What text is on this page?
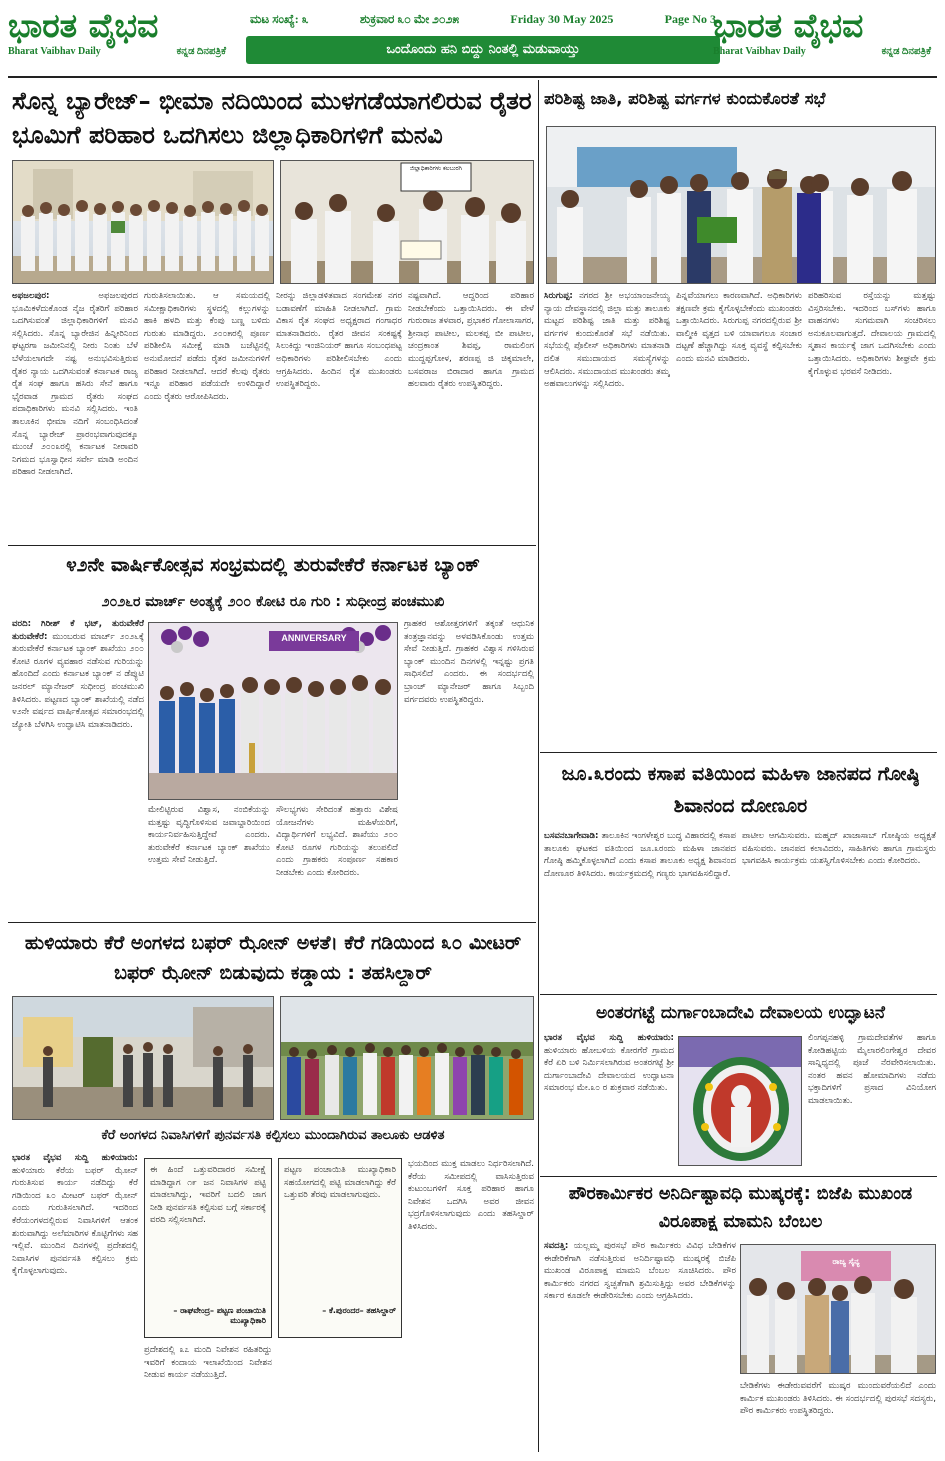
ಭಾರತ ವೈಭವ
Bharat Vaibhav Daily	ಕನ್ನಡ ದಿನಪತ್ರಿಕೆ
ಮಟ ಸಂಖ್ಯೆ: ೩	ಶುಕ್ರವಾರ ೩೦ ಮೇ ೨೦೨೫	Friday 30 May 2025	Page No 3
ಒಂದೊಂದು ಹನಿ ಬಿದ್ದು ನಿಂತಲ್ಲಿ ಮಡುವಾಯ್ತು
ಭಾರತ ವೈಭವ
Bharat Vaibhav Daily	ಕನ್ನಡ ದಿನಪತ್ರಿಕೆ
ಸೊನ್ನ ಬ್ಯಾರೇಜ್– ಭೀಮಾ ನದಿಯಿಂದ ಮುಳಗಡೆಯಾಗಲಿರುವ ರೈತರ ಭೂಮಿಗೆ ಪರಿಹಾರ ಒದಗಿಸಲು ಜಿಲ್ಲಾಧಿಕಾರಿಗಳಿಗೆ ಮನವಿ
ಜಿಲ್ಲಾಧಿಕಾರಿಗಳು ಕಲಬುರಗಿ
ಅಫಜಲಪುರ:	ಅಫಜಲಪುರದ ಭೂಮಿಕಳೆದುಕೊಂಡ ನೈಜ ರೈತರಿಗೆ ಪರಿಹಾರ ಒದಗಿಸುವಂತೆ ಜಿಲ್ಲಾಧಿಕಾರಿಗಳಿಗೆ ಮನವಿ ಸಲ್ಲಿಸಿದರು. ಸೊನ್ನ ಬ್ಯಾರೇಜಿನ ಹಿನ್ನೀರಿನಿಂದ ಘಟ್ಟರಗಾ ಜಮೀನಿನಲ್ಲಿ ನೀರು ನಿಂತು ಬೆಳೆ ಬೆಳೆಯಲಾಗದೇ ನಷ್ಟ ಅನುಭವಿಸುತ್ತಿರುವ ರೈತರ ನ್ಯಾಯ ಒದಗಿಸುವಂತೆ ಕರ್ನಾಟಕ ರಾಜ್ಯ ರೈತ ಸಂಘ ಹಾಗೂ ಹಸಿರು ಸೇನೆ ಹಾಗೂ ಭೈರವಾಡ ಗ್ರಾಮದ ರೈತರು ಸಂಘದ ಪದಾಧಿಕಾರಿಗಳು ಮನವಿ ಸಲ್ಲಿಸಿದರು. ಇಂತಿ ತಾಲೂಕಿನ ಭೀಮಾ ನದಿಗೆ ಸಂಬಂಧಿಸಿದಂತೆ ಸೊನ್ನ ಬ್ಯಾರೇಜ್ ಪ್ರಾರಂಭವಾಗುವುದಕ್ಕೂ ಮುಂಚೆ ೨೦೦೩ರಲ್ಲಿ ಕರ್ನಾಟಕ ನೀರಾವರಿ ನಿಗಮದ ಭೂಸ್ವಾಧೀನ ಸರ್ವೇ ಮಾಡಿ ಅಂದಿನ ಪರಿಹಾರ ನೀಡಲಾಗಿದೆ.
ಗುರುತಿಸಲಾಯಿತು. ಆ ಸಮಯದಲ್ಲಿ ಸಮೀಕ್ಷಾಧಿಕಾರಿಗಳು ಸ್ಥಳದಲ್ಲಿ ಕಲ್ಲುಗಳನ್ನು ಹಾಕಿ ಹಳದಿ ಮತ್ತು ಕೆಂಪು ಬಣ್ಣ ಬಳಿದು ಗುರುತು ಮಾಡಿದ್ದರು. ೨೦೦೫ರಲ್ಲಿ ಪೂರ್ಣ ಪರಿಶೀಲಿಸಿ ಸಮೀಕ್ಷೆ ಮಾಡಿ ಬಜೆಟ್ಟಿನಲ್ಲಿ ಅನುಮೋದನೆ ಪಡೆದು ರೈತರ ಜಮೀನುಗಳಿಗೆ ಪರಿಹಾರ ನೀಡಲಾಗಿದೆ. ಆದರೆ ಕೆಲವು ರೈತರು ಇನ್ನೂ ಪರಿಹಾರ ಪಡೆಯದೇ ಉಳಿದಿದ್ದಾರೆ ಎಂದು ರೈತರು ಆರೋಪಿಸಿದರು.
ನೀರನ್ನು ಜಿಲ್ಲಾಡಳಿತವಾದ ಸಂಗಮೇಶ ನಗರ ಬಡಾವಣೆಗೆ ಮಾಹಿತಿ ನೀಡಲಾಗಿದೆ. ಗ್ರಾಮ ವಿಕಾಸ ರೈತ ಸಂಘದ ಅಧ್ಯಕ್ಷರಾದ ಗಂಗಾಧರ ಮಾತನಾಡಿದರು. ರೈತರ ಜೀವನ ಸಂಕಷ್ಟಕ್ಕೆ ಸಿಲುಕಿದ್ದು ಇಂಜಿನಿಯರ್ ಹಾಗೂ ಸಂಬಂಧಪಟ್ಟ ಅಧಿಕಾರಿಗಳು ಪರಿಶೀಲಿಸಬೇಕು ಎಂದು ಆಗ್ರಹಿಸಿದರು. ಹಿಂದಿನ ರೈತ ಮುಖಂಡರು ಉಪಸ್ಥಿತರಿದ್ದರು.
ನಷ್ಟವಾಗಿದೆ. ಆದ್ದರಿಂದ ಪರಿಹಾರ ನೀಡಬೇಕೆಂದು ಒತ್ತಾಯಿಸಿದರು. ಈ ವೇಳೆ ಗುರುರಾಜ ತಳವಾರ, ಪ್ರಭಾಕರ ಗೋಲಾಸಾಗರ, ಶ್ರೀನಾಥ ಪಾಟೀಲ, ಮಲಕಪ್ಪ ಬೀ ಪಾಟೀಲ, ಚಂದ್ರಕಾಂತ ಶಿವಪ್ಪ, ರಾಮಲಿಂಗ ಮುದ್ದಪ್ಪಗೋಳ, ಶರಣಪ್ಪ ಜಿ ಚಿಕ್ಕಮಾಲೇ, ಬಸವರಾಜ ಬಿರಾದಾರ ಹಾಗೂ ಗ್ರಾಮದ ಹಲವಾರು ರೈತರು ಉಪಸ್ಥಿತರಿದ್ದರು.
೪೨ನೇ ವಾರ್ಷಿಕೋತ್ಸವ ಸಂಭ್ರಮದಲ್ಲಿ ತುರುವೇಕೆರೆ ಕರ್ನಾಟಕ ಬ್ಯಾಂಕ್
೨೦೨೬ರ ಮಾರ್ಚ್ ಅಂತ್ಯಕ್ಕೆ ೨೦೦ ಕೋಟಿ ರೂ ಗುರಿ : ಸುಧೀಂದ್ರ ಪಂಚಮುಖಿ
ವರದಿ: ಗಿರೀಶ್ ಕೆ ಭಟ್, ತುರುವೇಕೆರೆ ತುರುವೇಕೆರೆ: ಮುಂಬರುವ ಮಾರ್ಚ್ ೨೦೨೬ಕ್ಕೆ ತುರುವೇಕೆರೆ ಕರ್ನಾಟಕ ಬ್ಯಾಂಕ್ ಶಾಖೆಯು ೨೦೦ ಕೋಟಿ ರೂಗಳ ವ್ಯವಹಾರ ನಡೆಸುವ ಗುರಿಯನ್ನು ಹೊಂದಿದೆ ಎಂದು ಕರ್ನಾಟಕ ಬ್ಯಾಂಕ್ ನ ಡೆಪ್ಯುಟಿ ಜನರಲ್ ಮ್ಯಾನೇಜರ್ ಸುಧೀಂದ್ರ ಪಂಚಮುಖಿ ತಿಳಿಸಿದರು. ಪಟ್ಟಣದ ಬ್ಯಾಂಕ್ ಶಾಖೆಯಲ್ಲಿ ನಡೆದ ೪೨ನೇ ವರ್ಷದ ವಾರ್ಷಿಕೋತ್ಸವ ಸಮಾರಂಭದಲ್ಲಿ ಜ್ಯೋತಿ ಬೆಳಗಿಸಿ ಉದ್ಘಾಟಿಸಿ ಮಾತನಾಡಿದರು.
ANNIVERSARY
ಗ್ರಾಹಕರ ಆಶೋತ್ತರಗಳಿಗೆ ತಕ್ಕಂತೆ ಆಧುನಿಕ ತಂತ್ರಜ್ಞಾನವನ್ನು ಅಳವಡಿಸಿಕೊಂಡು ಉತ್ತಮ ಸೇವೆ ನೀಡುತ್ತಿದೆ. ಗ್ರಾಹಕರ ವಿಶ್ವಾಸ ಗಳಿಸಿರುವ ಬ್ಯಾಂಕ್ ಮುಂದಿನ ದಿನಗಳಲ್ಲಿ ಇನ್ನಷ್ಟು ಪ್ರಗತಿ ಸಾಧಿಸಲಿದೆ ಎಂದರು. ಈ ಸಂದರ್ಭದಲ್ಲಿ ಬ್ರಾಂಚ್ ಮ್ಯಾನೇಜರ್ ಹಾಗೂ ಸಿಬ್ಬಂದಿ ವರ್ಗದವರು ಉಪಸ್ಥಿತರಿದ್ದರು.
ಮೇಲಿಟ್ಟಿರುವ ವಿಶ್ವಾಸ, ನಂಬಿಕೆಯನ್ನು ಮತ್ತಷ್ಟು ವೃದ್ಧಿಗೊಳಿಸುವ ಜವಾಬ್ದಾರಿಯಿಂದ ಕಾರ್ಯನಿರ್ವಹಿಸುತ್ತಿದ್ದೇವೆ ಎಂದರು. ತುರುವೇಕೆರೆ ಕರ್ನಾಟಕ ಬ್ಯಾಂಕ್ ಶಾಖೆಯು ಉತ್ತಮ ಸೇವೆ ನೀಡುತ್ತಿದೆ.
ಸೌಲಭ್ಯಗಳು ಸೇರಿದಂತೆ ಹತ್ತಾರು ವಿಶೇಷ ಯೋಜನೆಗಳು ಮಹಿಳೆಯರಿಗೆ, ವಿದ್ಯಾರ್ಥಿಗಳಿಗೆ ಲಭ್ಯವಿದೆ. ಶಾಖೆಯು ೨೦೦ ಕೋಟಿ ರೂಗಳ ಗುರಿಯನ್ನು ತಲುಪಲಿದೆ ಎಂದು ಗ್ರಾಹಕರು ಸಂಪೂರ್ಣ ಸಹಕಾರ ನೀಡಬೇಕು ಎಂದು ಕೋರಿದರು.
ಹುಳಿಯಾರು ಕೆರೆ ಅಂಗಳದ ಬಫರ್ ಝೋನ್ ಅಳತೆ। ಕೆರೆ ಗಡಿಯಿಂದ ೩೦ ಮೀಟರ್ ಬಫರ್ ಝೋನ್ ಬಿಡುವುದು ಕಡ್ಡಾಯ : ತಹಸಿಲ್ದಾರ್
ಕೆರೆ ಅಂಗಳದ ನಿವಾಸಿಗಳಿಗೆ ಪುನರ್ವಸತಿ ಕಲ್ಪಿಸಲು ಮುಂದಾಗಿರುವ ತಾಲೂಕು ಆಡಳಿತ
ಭಾರತ ವೈಭವ ಸುದ್ದಿ ಹುಳಿಯಾರು: ಹುಳಿಯಾರು ಕೆರೆಯ ಬಫರ್ ಝೋನ್ ಗುರುತಿಸುವ ಕಾರ್ಯ ನಡೆದಿದ್ದು ಕೆರೆ ಗಡಿಯಿಂದ ೩೦ ಮೀಟರ್ ಬಫರ್ ಝೋನ್ ಎಂದು ಗುರುತಿಸಲಾಗಿದೆ. ಇದರಿಂದ ಕೆರೆಯಂಗಳದಲ್ಲಿರುವ ನಿವಾಸಿಗಳಿಗೆ ಆತಂಕ ಶುರುವಾಗಿದ್ದು ಅಲೆಮಾರಿಗಳ ಕೊಟ್ಟಿಗೆಗಳು ಸಹ ಇಲ್ಲಿವೆ. ಮುಂದಿನ ದಿನಗಳಲ್ಲಿ ಪ್ರದೇಶದಲ್ಲಿ ನಿವಾಸಿಗಳ ಪುನರ್ವಸತಿ ಕಲ್ಪಿಸಲು ಕ್ರಮ ಕೈಗೊಳ್ಳಲಾಗುವುದು.
ಈ ಹಿಂದೆ ಒತ್ತುವರಿದಾರರ ಸಮೀಕ್ಷೆ ಮಾಡಿದ್ದಾಗ ೧೯ ಜನ ನಿವಾಸಿಗಳ ಪಟ್ಟಿ ಮಾಡಲಾಗಿದ್ದು, ಇವರಿಗೆ ಬದಲಿ ಜಾಗ ನೀಡಿ ಪುನರ್ವಸತಿ ಕಲ್ಪಿಸುವ ಬಗ್ಗೆ ಸರ್ಕಾರಕ್ಕೆ ವರದಿ ಸಲ್ಲಿಸಲಾಗಿದೆ.
– ರಾಘವೇಂದ್ರ– ಪಟ್ಟಣ ಪಂಚಾಯಿತಿ ಮುಖ್ಯಾಧಿಕಾರಿ
ಪ್ರದೇಶದಲ್ಲಿ ೩೭ ಮಂದಿ ನಿವೇಶನ ರಹಿತರಿದ್ದು ಇವರಿಗೆ ಕಂದಾಯ ಇಲಾಖೆಯಿಂದ ನಿವೇಶನ ನೀಡುವ ಕಾರ್ಯ ನಡೆಯುತ್ತಿದೆ.
ಪಟ್ಟಣ ಪಂಚಾಯಿತಿ ಮುಖ್ಯಾಧಿಕಾರಿ ಸಹಯೋಗದಲ್ಲಿ ಪಟ್ಟಿ ಮಾಡಲಾಗಿದ್ದು ಕೆರೆ ಒತ್ತುವರಿ ತೆರವು ಮಾಡಲಾಗುವುದು.
– ಕೆ.ಪುರಂದರ– ತಹಸಿಲ್ದಾರ್
ಭಯದಿಂದ ಮುಕ್ತ ಮಾಡಲು ನಿರ್ಧರಿಸಲಾಗಿದೆ. ಕೆರೆಯ ಸಮೀಪದಲ್ಲಿ ವಾಸಿಸುತ್ತಿರುವ ಕುಟುಂಬಗಳಿಗೆ ಸೂಕ್ತ ಪರಿಹಾರ ಹಾಗೂ ನಿವೇಶನ ಒದಗಿಸಿ ಅವರ ಜೀವನ ಭದ್ರಗೊಳಿಸಲಾಗುವುದು ಎಂದು ತಹಸಿಲ್ದಾರ್ ತಿಳಿಸಿದರು.
ಪರಿಶಿಷ್ಟ ಜಾತಿ, ಪರಿಶಿಷ್ಟ ವರ್ಗಗಳ ಕುಂದುಕೊರತೆ ಸಭೆ
ಸಿರುಗುಪ್ಪ: ನಗರದ ಶ್ರೀ ಅಭಯಾಂಜನೇಯ್ಯ ನ್ಯಾಯ ದೇವಸ್ಥಾನದಲ್ಲಿ ಜಿಲ್ಲಾ ಮತ್ತು ತಾಲೂಕು ಮಟ್ಟದ ಪರಿಶಿಷ್ಟ ಜಾತಿ ಮತ್ತು ಪರಿಶಿಷ್ಟ ವರ್ಗಗಳ ಕುಂದುಕೊರತೆ ಸಭೆ ನಡೆಯಿತು. ಸಭೆಯಲ್ಲಿ ಪೊಲೀಸ್ ಅಧಿಕಾರಿಗಳು ಮಾತನಾಡಿ ದಲಿತ ಸಮುದಾಯದ ಸಮಸ್ಯೆಗಳನ್ನು ಆಲಿಸಿದರು. ಸಮುದಾಯದ ಮುಖಂಡರು ತಮ್ಮ ಅಹವಾಲುಗಳನ್ನು ಸಲ್ಲಿಸಿದರು.
ಪಿನ್ನವೆಯಾಗಲು ಕಾರಣವಾಗಿದೆ. ಅಧಿಕಾರಿಗಳು ತಕ್ಷಣವೇ ಕ್ರಮ ಕೈಗೊಳ್ಳಬೇಕೆಂದು ಮುಖಂಡರು ಒತ್ತಾಯಿಸಿದರು. ಸಿರುಗುಪ್ಪ ನಗರದಲ್ಲಿರುವ ಶ್ರೀ ವಾಲ್ಮೀಕಿ ವೃತ್ತದ ಬಳಿ ಯಾವಾಗಲೂ ಸಂಚಾರ ದಟ್ಟಣೆ ಹೆಚ್ಚಾಗಿದ್ದು ಸೂಕ್ತ ವ್ಯವಸ್ಥೆ ಕಲ್ಪಿಸಬೇಕು ಎಂದು ಮನವಿ ಮಾಡಿದರು.
ಪರಿಹರಿಸುವ ರಸ್ತೆಯನ್ನು ಮತ್ತಷ್ಟು ವಿಸ್ತರಿಸಬೇಕು. ಇದರಿಂದ ಬಸ್‌ಗಳು ಹಾಗೂ ವಾಹನಗಳು ಸುಗಮವಾಗಿ ಸಂಚರಿಸಲು ಅನುಕೂಲವಾಗುತ್ತದೆ. ದೇವಾಲಯ ಗ್ರಾಮದಲ್ಲಿ ಸ್ಮಶಾನ ಕಾರ್ಯಕ್ಕೆ ಜಾಗ ಒದಗಿಸಬೇಕು ಎಂದು ಒತ್ತಾಯಿಸಿದರು. ಅಧಿಕಾರಿಗಳು ಶೀಘ್ರವೇ ಕ್ರಮ ಕೈಗೊಳ್ಳುವ ಭರವಸೆ ನೀಡಿದರು.
ಜೂ.೩ರಂದು ಕಸಾಪ ವತಿಯಿಂದ ಮಹಿಳಾ ಜಾನಪದ ಗೋಷ್ಠಿ ಶಿವಾನಂದ ದೋಣೂರ
ಬಸವನಬಾಗೇವಾಡಿ: ತಾಲೂಕಿನ ಇಂಗಳೇಶ್ವರ ಬುದ್ಧ ವಿಹಾರದಲ್ಲಿ ಕಸಾಪ ತಾಲೂಕು ಘಟಕದ ವತಿಯಿಂದ ಜೂ.೩ರಂದು ಮಹಿಳಾ ಜಾನಪದ ಗೋಷ್ಠಿ ಹಮ್ಮಿಕೊಳ್ಳಲಾಗಿದೆ ಎಂದು ಕಸಾಪ ತಾಲೂಕು ಅಧ್ಯಕ್ಷ ಶಿವಾನಂದ ದೋಣೂರ ತಿಳಿಸಿದರು. ಕಾರ್ಯಕ್ರಮದಲ್ಲಿ ಗಣ್ಯರು ಭಾಗವಹಿಸಲಿದ್ದಾರೆ.
ಪಾಟೀಲ ಆಗಮಿಸುವರು. ಮಹ್ಮದ್ ಖಾಜಾಸಾಬ್ ಗೋಷ್ಠಿಯ ಅಧ್ಯಕ್ಷತೆ ವಹಿಸುವರು. ಜಾನಪದ ಕಲಾವಿದರು, ಸಾಹಿತಿಗಳು ಹಾಗೂ ಗ್ರಾಮಸ್ಥರು ಭಾಗವಹಿಸಿ ಕಾರ್ಯಕ್ರಮ ಯಶಸ್ವಿಗೊಳಿಸಬೇಕು ಎಂದು ಕೋರಿದರು.
ಅಂತರಗಟ್ಟೆ ದುರ್ಗಾಂಬಾದೇವಿ ದೇವಾಲಯ ಉದ್ಘಾಟನೆ
ಭಾರತ ವೈಭವ ಸುದ್ದಿ ಹುಳಿಯಾರು: ಹುಳಿಯಾರು ಹೋಬಳಿಯ ಕೋರಗೆರೆ ಗ್ರಾಮದ ಕೆರೆ ಏರಿ ಬಳಿ ನಿರ್ಮಿಸಲಾಗಿರುವ ಅಂತರಗಟ್ಟೆ ಶ್ರೀ ದುರ್ಗಾಂಬಾದೇವಿ ದೇವಾಲಯದ ಉದ್ಘಾಟನಾ ಸಮಾರಂಭ ಮೇ.೩೦ ರ ಶುಕ್ರವಾರ ನಡೆಯಿತು.
ಲಿಂಗಪ್ಪನಹಳ್ಳಿ ಗ್ರಾಮದೇವತೆಗಳ ಹಾಗೂ ಕೋಡಿಹಟ್ಟಿಯ ಮೈಲಾರಲಿಂಗೇಶ್ವರ ದೇವರ ಸಾನ್ನಿಧ್ಯದಲ್ಲಿ ಪೂಜೆ ನೆರವೇರಿಸಲಾಯಿತು. ನಂತರ ಹವನ ಹೋಮಾದಿಗಳು ನಡೆದು ಭಕ್ತಾದಿಗಳಿಗೆ ಪ್ರಸಾದ ವಿನಿಯೋಗ ಮಾಡಲಾಯಿತು.
ಪೌರಕಾರ್ಮಿಕರ ಅನಿರ್ದಿಷ್ಟಾವಧಿ ಮುಷ್ಕರಕ್ಕೆ: ಬಿಜೆಪಿ ಮುಖಂಡ ವಿರೂಪಾಕ್ಷ ಮಾಮನಿ ಬೆಂಬಲ
ಸವದತ್ತಿ: ಯಲ್ಲಮ್ಮ ಪುರಸಭೆ ಪೌರ ಕಾರ್ಮಿಕರು ವಿವಿಧ ಬೇಡಿಕೆಗಳ ಈಡೇರಿಕೆಗಾಗಿ ನಡೆಸುತ್ತಿರುವ ಅನಿರ್ದಿಷ್ಟಾವಧಿ ಮುಷ್ಕರಕ್ಕೆ ಬಿಜೆಪಿ ಮುಖಂಡ ವಿರೂಪಾಕ್ಷ ಮಾಮನಿ ಬೆಂಬಲ ಸೂಚಿಸಿದರು. ಪೌರ ಕಾರ್ಮಿಕರು ನಗರದ ಸ್ವಚ್ಛತೆಗಾಗಿ ಶ್ರಮಿಸುತ್ತಿದ್ದು ಅವರ ಬೇಡಿಕೆಗಳನ್ನು ಸರ್ಕಾರ ಕೂಡಲೇ ಈಡೇರಿಸಬೇಕು ಎಂದು ಆಗ್ರಹಿಸಿದರು.
ರಾಜ್ಯ ಸೈನ್ಯ
ಬೇಡಿಕೆಗಳು ಈಡೇರುವವರೆಗೆ ಮುಷ್ಕರ ಮುಂದುವರೆಯಲಿದೆ ಎಂದು ಕಾರ್ಮಿಕ ಮುಖಂಡರು ತಿಳಿಸಿದರು. ಈ ಸಂದರ್ಭದಲ್ಲಿ ಪುರಸಭೆ ಸದಸ್ಯರು, ಪೌರ ಕಾರ್ಮಿಕರು ಉಪಸ್ಥಿತರಿದ್ದರು.
